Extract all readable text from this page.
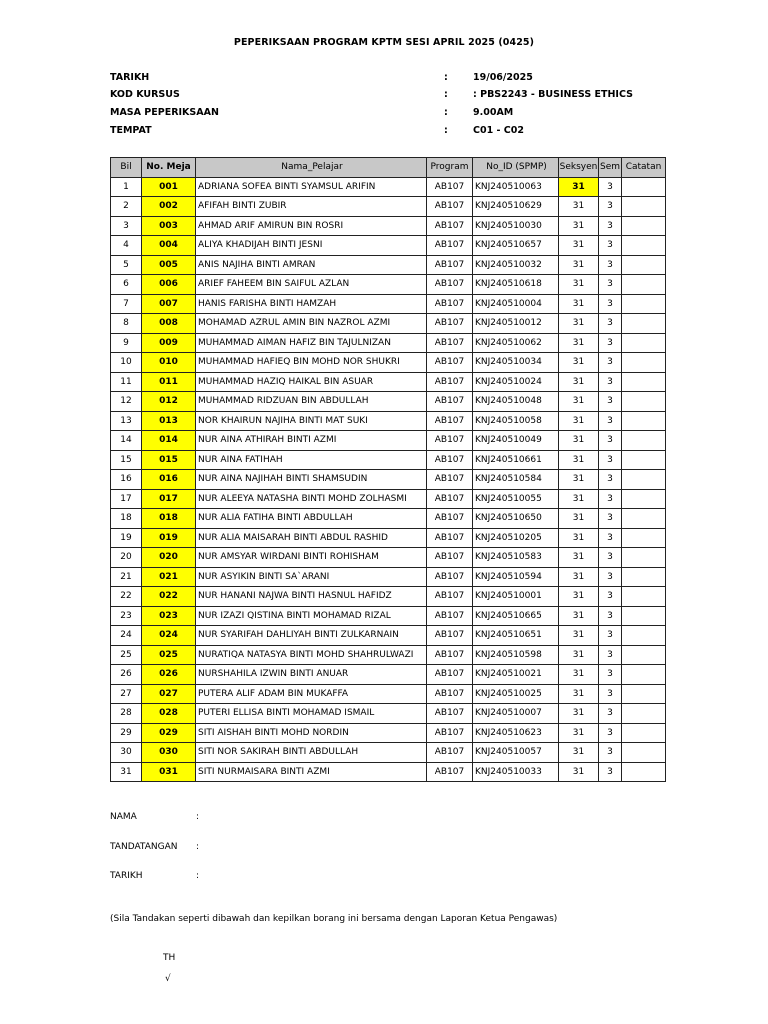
PEPERIKSAAN PROGRAM KPTM SESI APRIL 2025 (0425)
TARIKH	:	19/06/2025
KOD KURSUS	:	: PBS2243 - BUSINESS ETHICS
MASA PEPERIKSAAN	:	9.00AM
TEMPAT	:	C01 - C02
Bil	No. Meja	Nama_Pelajar	Program	No_ID (SPMP)	Seksyen	Sem	Catatan
1	001	ADRIANA SOFEA BINTI SYAMSUL ARIFIN	AB107	KNJ240510063	31	3	
2	002	AFIFAH BINTI ZUBIR	AB107	KNJ240510629	31	3	
3	003	AHMAD ARIF AMIRUN BIN ROSRI	AB107	KNJ240510030	31	3	
4	004	ALIYA KHADIJAH BINTI JESNI	AB107	KNJ240510657	31	3	
5	005	ANIS NAJIHA BINTI AMRAN	AB107	KNJ240510032	31	3	
6	006	ARIEF FAHEEM BIN SAIFUL AZLAN	AB107	KNJ240510618	31	3	
7	007	HANIS FARISHA BINTI HAMZAH	AB107	KNJ240510004	31	3	
8	008	MOHAMAD AZRUL AMIN BIN NAZROL AZMI	AB107	KNJ240510012	31	3	
9	009	MUHAMMAD AIMAN HAFIZ BIN TAJULNIZAN	AB107	KNJ240510062	31	3	
10	010	MUHAMMAD HAFIEQ BIN MOHD NOR SHUKRI	AB107	KNJ240510034	31	3	
11	011	MUHAMMAD HAZIQ HAIKAL BIN ASUAR	AB107	KNJ240510024	31	3	
12	012	MUHAMMAD RIDZUAN BIN ABDULLAH	AB107	KNJ240510048	31	3	
13	013	NOR KHAIRUN NAJIHA BINTI MAT SUKI	AB107	KNJ240510058	31	3	
14	014	NUR AINA ATHIRAH BINTI AZMI	AB107	KNJ240510049	31	3	
15	015	NUR AINA FATIHAH	AB107	KNJ240510661	31	3	
16	016	NUR AINA NAJIHAH BINTI SHAMSUDIN	AB107	KNJ240510584	31	3	
17	017	NUR ALEEYA NATASHA BINTI MOHD ZOLHASMI	AB107	KNJ240510055	31	3	
18	018	NUR ALIA FATIHA BINTI ABDULLAH	AB107	KNJ240510650	31	3	
19	019	NUR ALIA MAISARAH BINTI ABDUL RASHID	AB107	KNJ240510205	31	3	
20	020	NUR AMSYAR WIRDANI BINTI ROHISHAM	AB107	KNJ240510583	31	3	
21	021	NUR ASYIKIN BINTI SA`ARANI	AB107	KNJ240510594	31	3	
22	022	NUR HANANI NAJWA BINTI HASNUL HAFIDZ	AB107	KNJ240510001	31	3	
23	023	NUR IZAZI QISTINA BINTI MOHAMAD RIZAL	AB107	KNJ240510665	31	3	
24	024	NUR SYARIFAH DAHLIYAH BINTI ZULKARNAIN	AB107	KNJ240510651	31	3	
25	025	NURATIQA NATASYA BINTI MOHD SHAHRULWAZI	AB107	KNJ240510598	31	3	
26	026	NURSHAHILA IZWIN BINTI ANUAR	AB107	KNJ240510021	31	3	
27	027	PUTERA ALIF ADAM BIN MUKAFFA	AB107	KNJ240510025	31	3	
28	028	PUTERI ELLISA BINTI MOHAMAD ISMAIL	AB107	KNJ240510007	31	3	
29	029	SITI AISHAH BINTI MOHD NORDIN	AB107	KNJ240510623	31	3	
30	030	SITI NOR SAKIRAH BINTI ABDULLAH	AB107	KNJ240510057	31	3	
31	031	SITI NURMAISARA BINTI AZMI	AB107	KNJ240510033	31	3	
NAMA	:
TANDATANGAN :
TARIKH	:
(Sila Tandakan seperti dibawah dan kepilkan borang ini bersama dengan Laporan Ketua Pengawas)
TH
√
